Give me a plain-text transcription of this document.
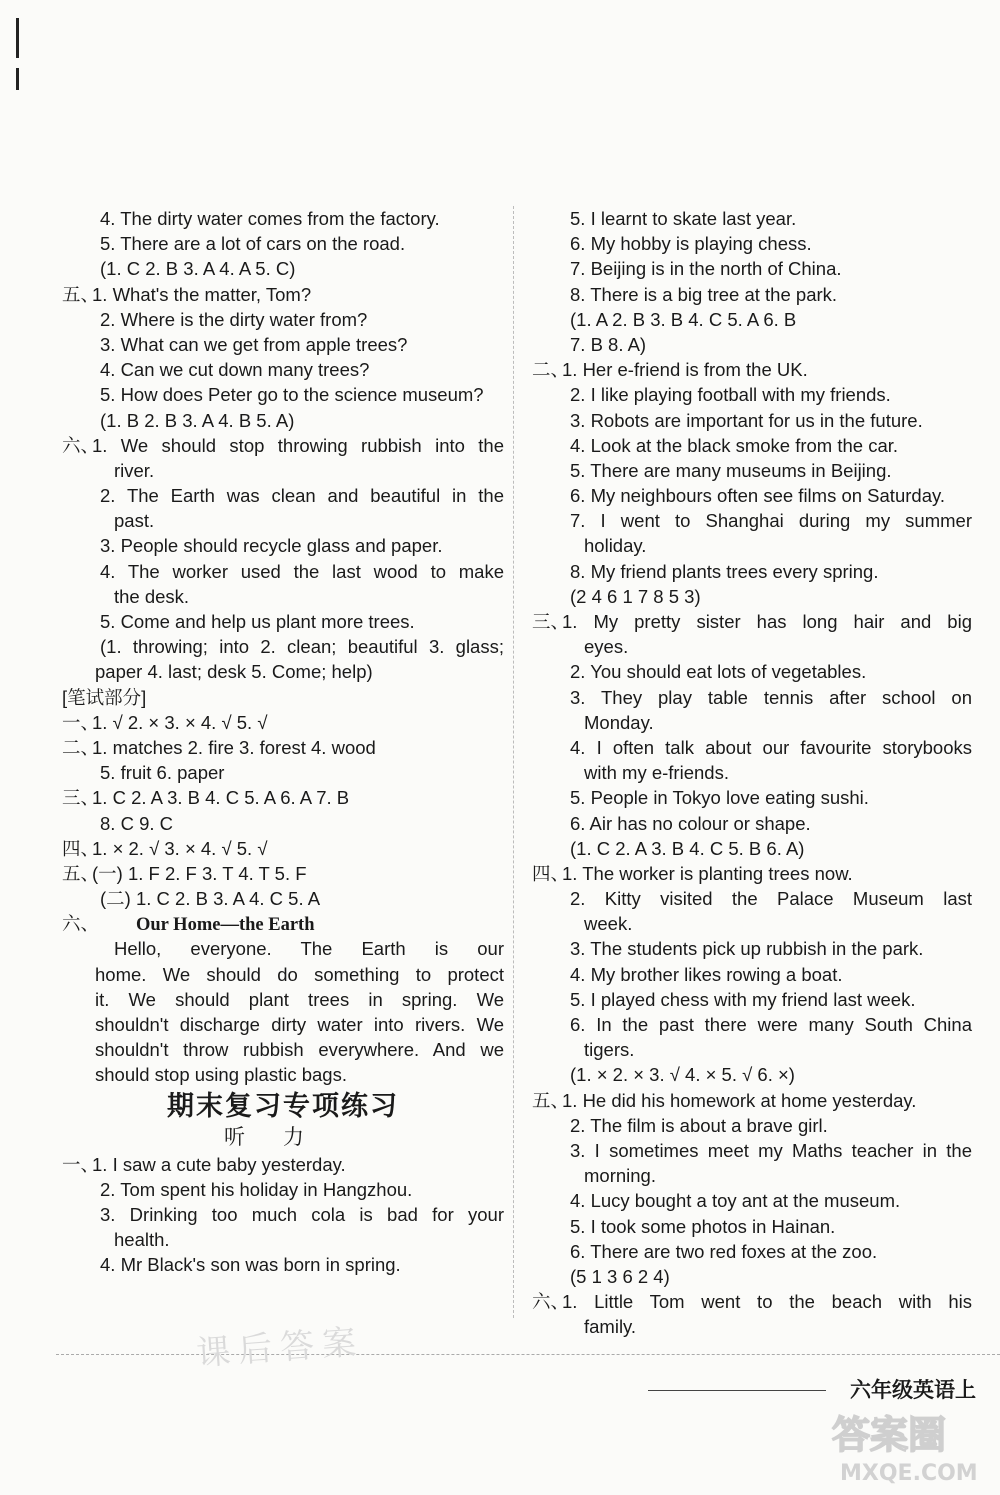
4. The dirty water comes from the factory.
5. There are a lot of cars on the road.
(1. C 2. B 3. A 4. A 5. C)
五、1. What's the matter, Tom?
2. Where is the dirty water from?
3. What can we get from apple trees?
4. Can we cut down many trees?
5. How does Peter go to the science museum?
(1. B 2. B 3. A 4. B 5. A)
六、1. We should stop throwing rubbish into the
river.
2. The Earth was clean and beautiful in the
past.
3. People should recycle glass and paper.
4. The worker used the last wood to make
the desk.
5. Come and help us plant more trees.
(1. throwing; into 2. clean; beautiful 3. glass;
paper 4. last; desk 5. Come; help)
[笔试部分]
一、1. √ 2. × 3. × 4. √ 5. √
二、1. matches 2. fire 3. forest 4. wood
5. fruit 6. paper
三、1. C 2. A 3. B 4. C 5. A 6. A 7. B
8. C 9. C
四、1. × 2. √ 3. × 4. √ 5. √
五、(一) 1. F 2. F 3. T 4. T 5. F
(二) 1. C 2. B 3. A 4. C 5. A
六、 Our Home—the Earth
Hello, everyone. The Earth is our
home. We should do something to protect
it. We should plant trees in spring. We
shouldn't discharge dirty water into rivers. We
shouldn't throw rubbish everywhere. And we
should stop using plastic bags.
期末复习专项练习
听力
一、1. I saw a cute baby yesterday.
2. Tom spent his holiday in Hangzhou.
3. Drinking too much cola is bad for your
health.
4. Mr Black's son was born in spring.
5. I learnt to skate last year.
6. My hobby is playing chess.
7. Beijing is in the north of China.
8. There is a big tree at the park.
(1. A 2. B 3. B 4. C 5. A 6. B
7. B 8. A)
二、1. Her e-friend is from the UK.
2. I like playing football with my friends.
3. Robots are important for us in the future.
4. Look at the black smoke from the car.
5. There are many museums in Beijing.
6. My neighbours often see films on Saturday.
7. I went to Shanghai during my summer
holiday.
8. My friend plants trees every spring.
(2 4 6 1 7 8 5 3)
三、1. My pretty sister has long hair and big
eyes.
2. You should eat lots of vegetables.
3. They play table tennis after school on
Monday.
4. I often talk about our favourite storybooks
with my e-friends.
5. People in Tokyo love eating sushi.
6. Air has no colour or shape.
(1. C 2. A 3. B 4. C 5. B 6. A)
四、1. The worker is planting trees now.
2. Kitty visited the Palace Museum last
week.
3. The students pick up rubbish in the park.
4. My brother likes rowing a boat.
5. I played chess with my friend last week.
6. In the past there were many South China
tigers.
(1. × 2. × 3. √ 4. × 5. √ 6. ×)
五、1. He did his homework at home yesterday.
2. The film is about a brave girl.
3. I sometimes meet my Maths teacher in the
morning.
4. Lucy bought a toy ant at the museum.
5. I took some photos in Hainan.
6. There are two red foxes at the zoo.
(5 1 3 6 2 4)
六、1. Little Tom went to the beach with his
family.
六年级英语上
课后答案
答案圈
MXQE.COM
